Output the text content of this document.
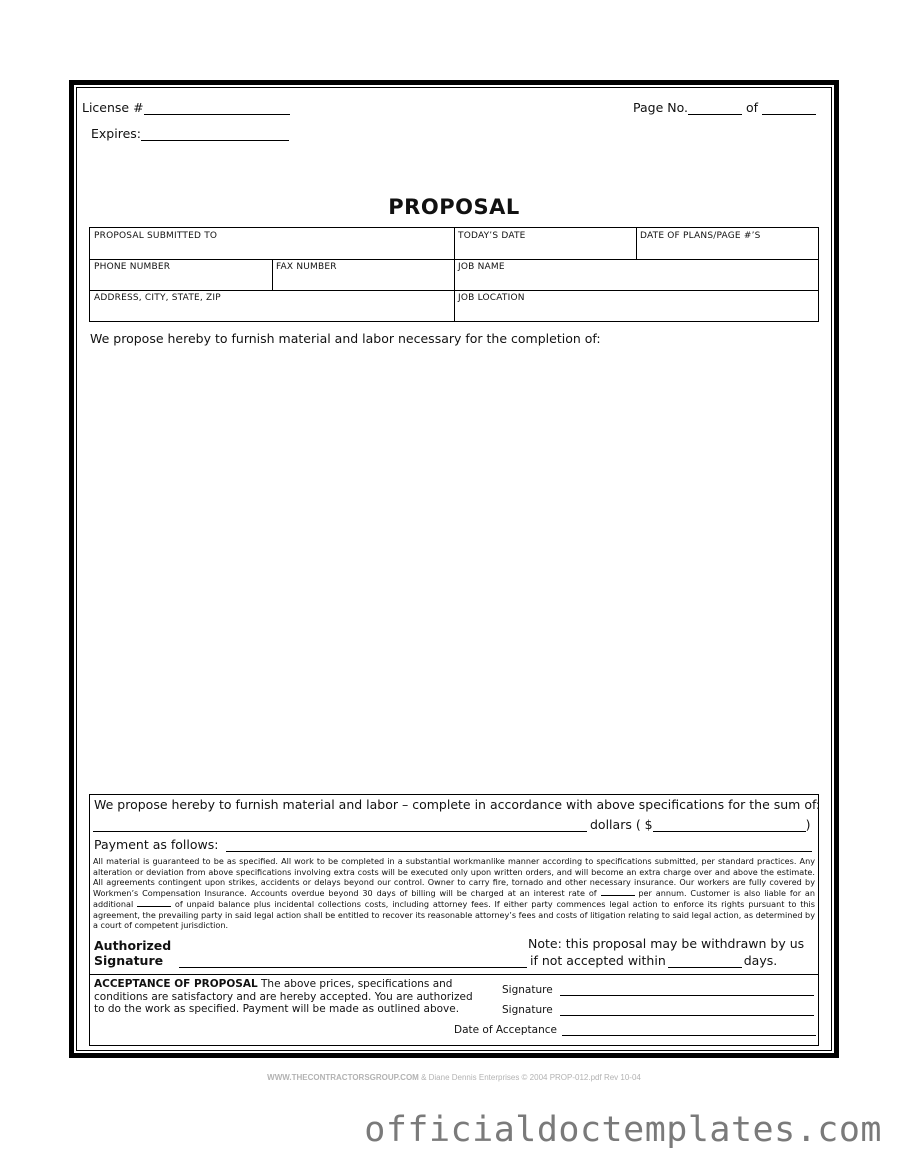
License #
Expires:
Page No.	of
PROPOSAL
PROPOSAL SUBMITTED TO	TODAY’S DATE	DATE OF PLANS/PAGE #’S
PHONE NUMBER	FAX NUMBER	JOB NAME
ADDRESS, CITY, STATE, ZIP	JOB LOCATION
We propose hereby to furnish material and labor necessary for the completion of:
We propose hereby to furnish material and labor – complete in accordance with above specifications for the sum of:
dollars ( $	)
Payment as follows:
All material is guaranteed to be as specified. All work to be completed in a substantial workmanlike manner according to specifications submitted, per standard practices. Any alteration or deviation from above specifications involving extra costs will be executed only upon written orders, and will become an extra charge over and above the estimate. All agreements contingent upon strikes, accidents or delays beyond our control. Owner to carry fire, tornado and other necessary insurance. Our workers are fully covered by Workmen’s Compensation Insurance. Accounts overdue beyond 30 days of billing will be charged at an interest rate of	per annum. Customer is also liable for an additional	of unpaid balance plus incidental collections costs, including attorney fees. If either party commences legal action to enforce its rights pursuant to this agreement, the prevailing party in said legal action shall be entitled to recover its reasonable attorney’s fees and costs of litigation relating to said legal action, as determined by a court of competent jurisdiction.
Authorized
Signature
Note: this proposal may be withdrawn by us
if not accepted within	days.
ACCEPTANCE OF PROPOSAL The above prices, specifications and
conditions are satisfactory and are hereby accepted. You are authorized
to do the work as specified. Payment will be made as outlined above.
Signature
Signature
Date of Acceptance
WWW.THECONTRACTORSGROUP.COM & Diane Dennis Enterprises © 2004 PROP-012.pdf Rev 10-04
officialdoctemplates.com
